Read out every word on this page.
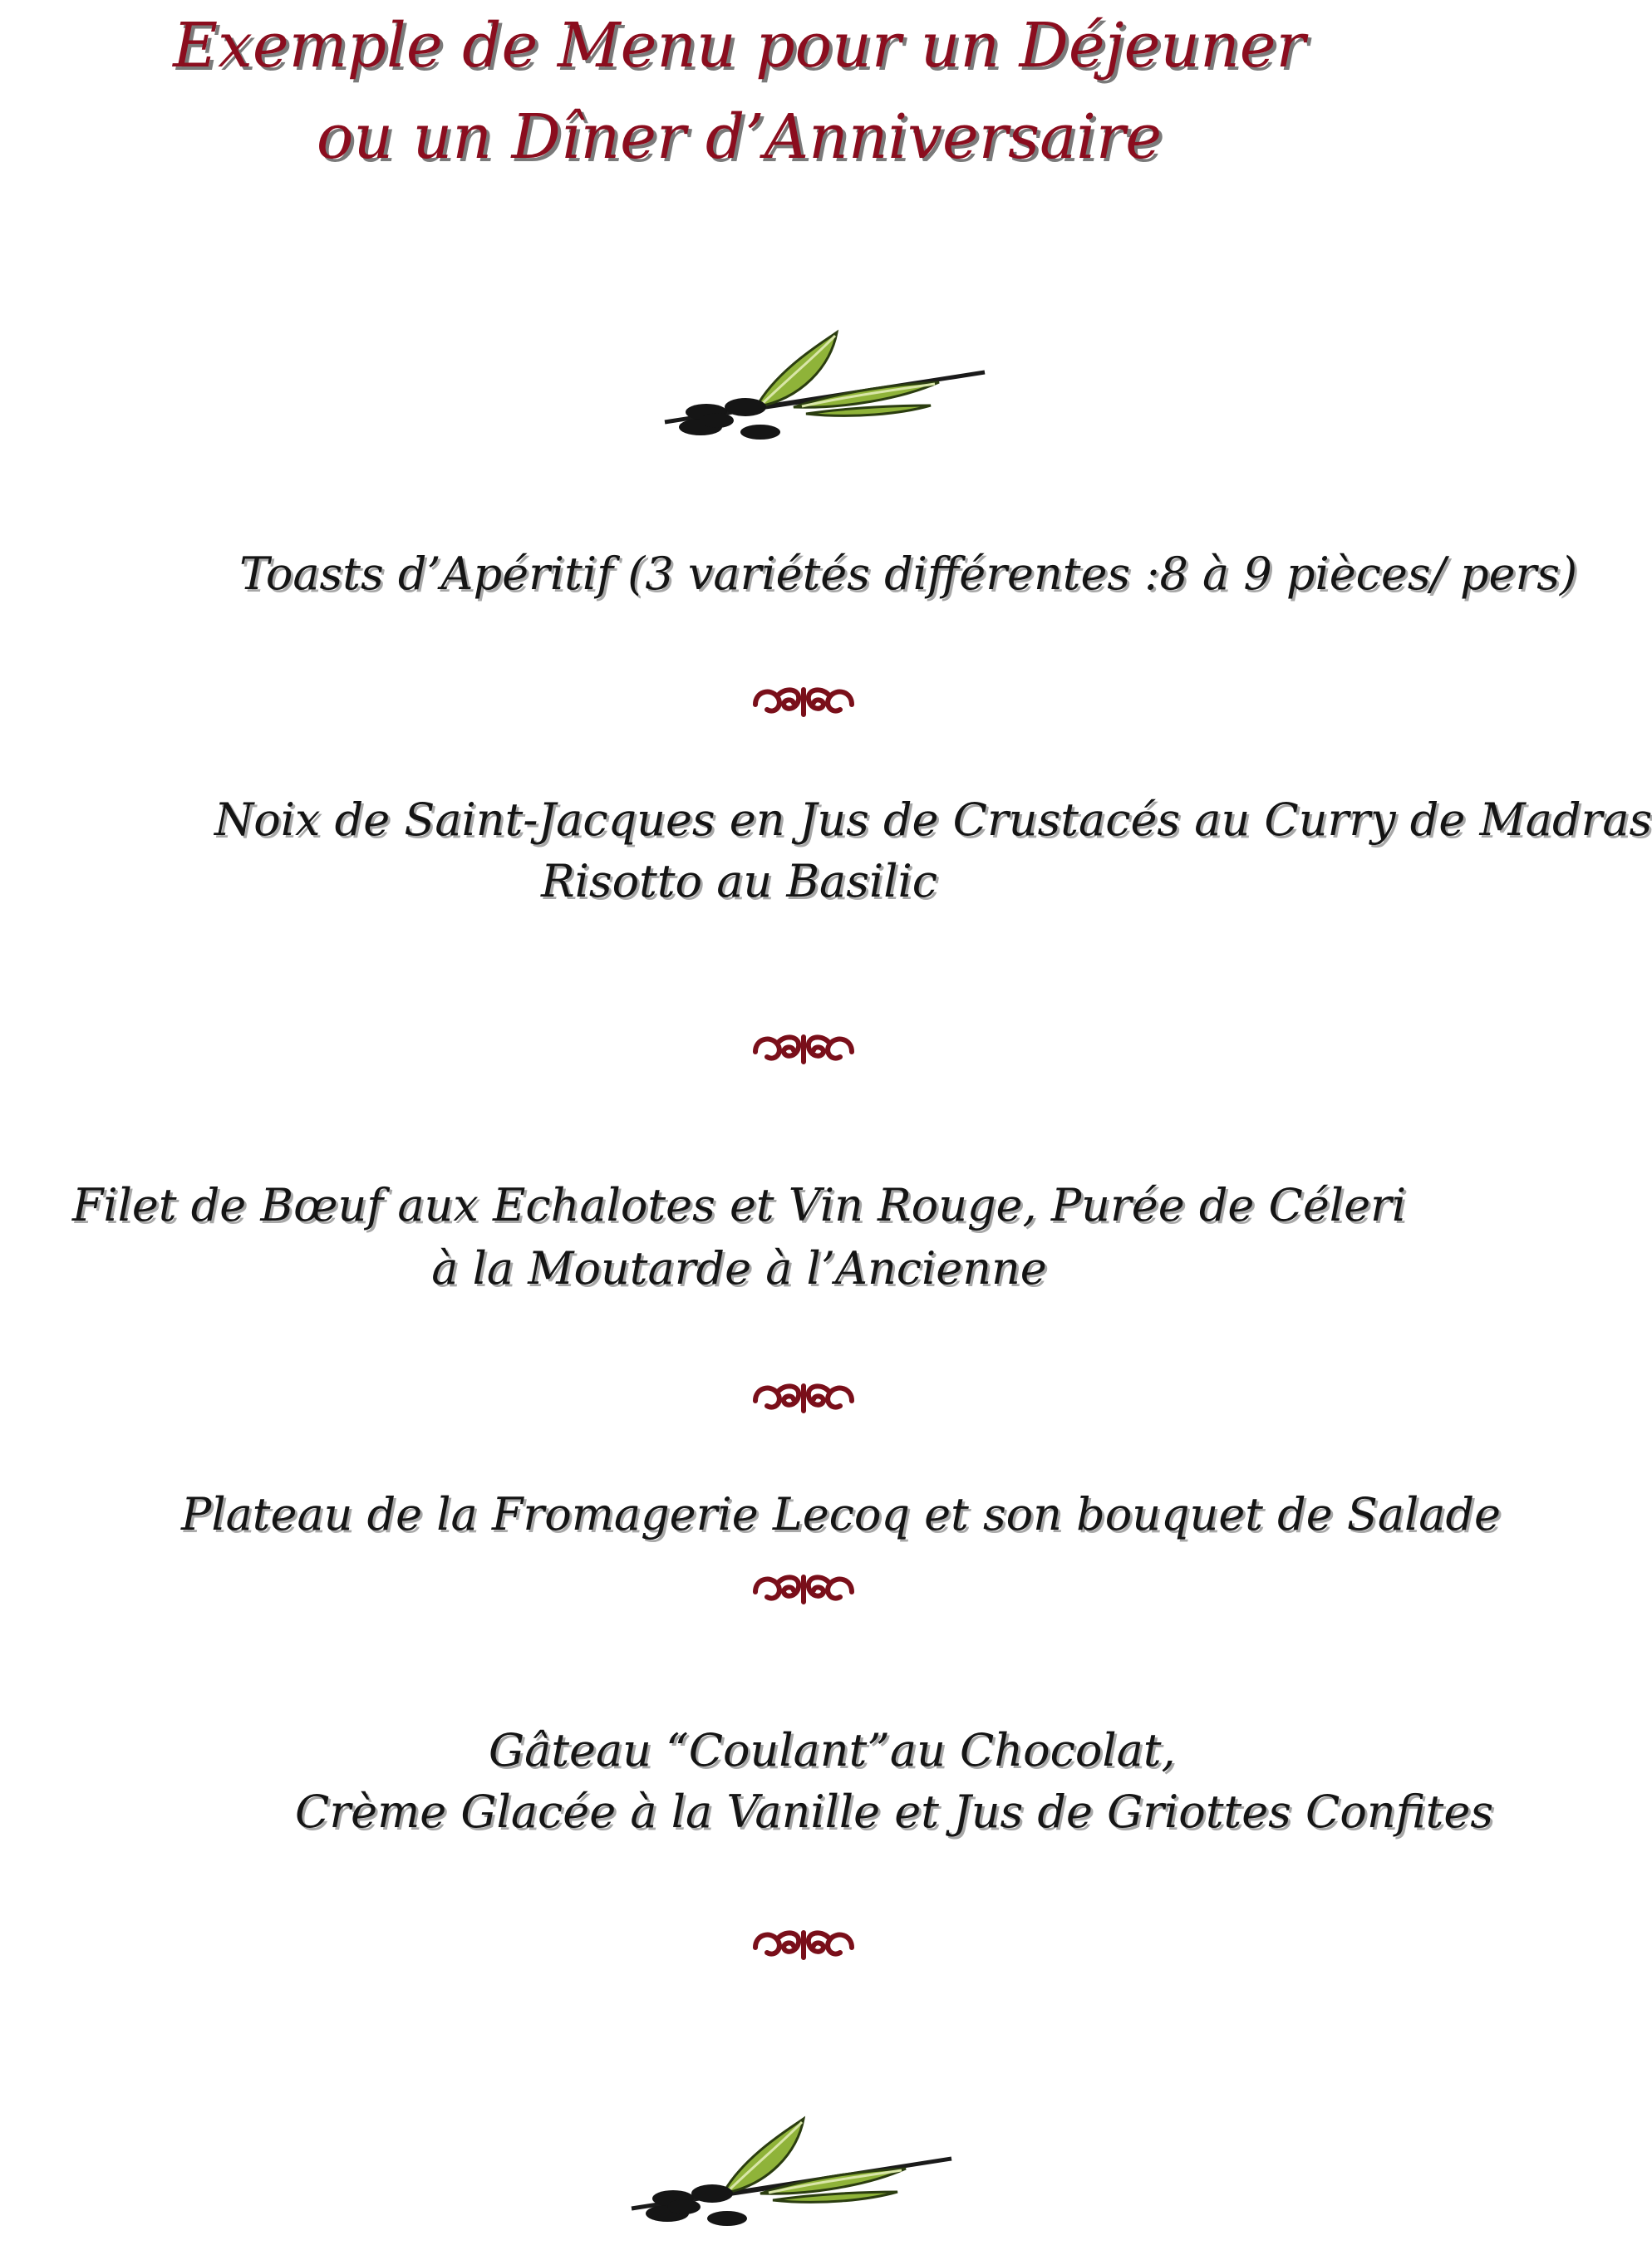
Exemple de Menu pour un Déjeuner
ou un Dîner d’Anniversaire
Toasts d’Apéritif (3 variétés différentes :8 à 9 pièces/ pers)
Noix de Saint-Jacques en Jus de Crustacés au Curry de Madras
Risotto au Basilic
Filet de Bœuf aux Echalotes et Vin Rouge, Purée de Céleri
à la Moutarde à l’Ancienne
Plateau de la Fromagerie Lecoq et son bouquet de Salade
Gâteau “Coulant”au Chocolat,
Crème Glacée à la Vanille et Jus de Griottes Confites
